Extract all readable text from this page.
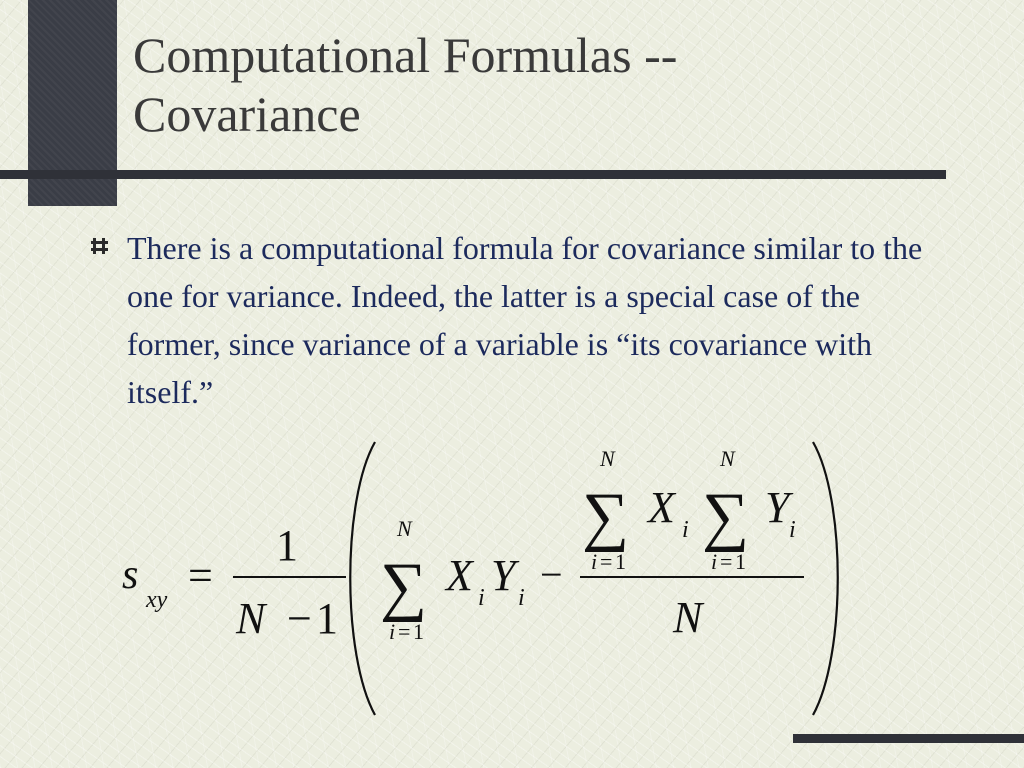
Computational Formulas --
Covariance

There is a computational formula for covariance similar to the one for variance. Indeed, the latter is a special case of the former, since variance of a variable is “its covariance with itself.”

s
xy =
1
N − 1
N
∑
i = 1
X i Y i
−
N
∑
i = 1
X i
N
∑
i = 1
Y i
N
